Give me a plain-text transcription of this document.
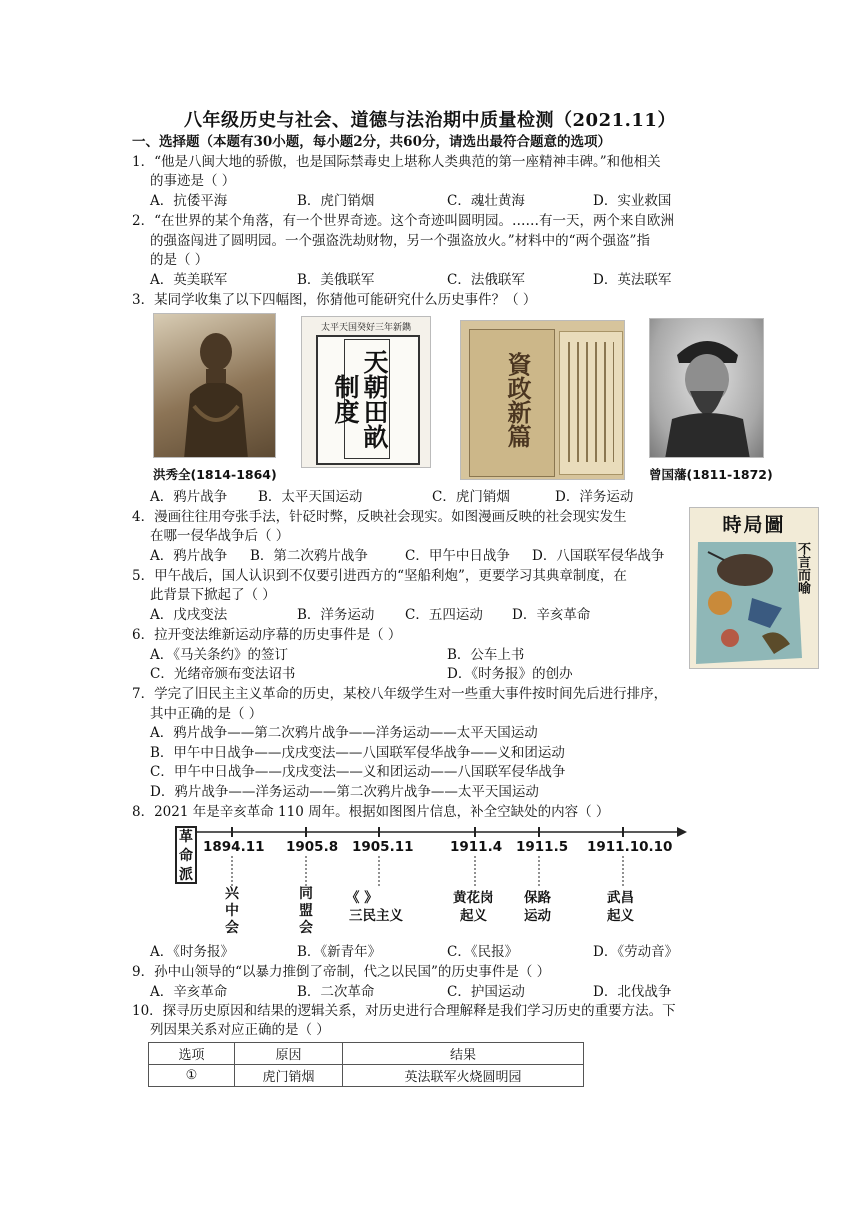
八年级历史与社会、道德与法治期中质量检测（2021.11）
一、选择题（本题有30小题，每小题2分，共60分，请选出最符合题意的选项）
1．“他是八闽大地的骄傲，也是国际禁毒史上堪称人类典范的第一座精神丰碑。”和他相关
的事迹是（ ）
A．抗倭平海	B．虎门销烟	C．魂壮黄海	D．实业救国
2．“在世界的某个角落，有一个世界奇迹。这个奇迹叫圆明园。……有一天，两个来自欧洲
的强盗闯进了圆明园。一个强盗洗劫财物，另一个强盗放火。”材料中的“两个强盗”指
的是（ ）
A．英美联军	B．美俄联军	C．法俄联军	D．英法联军
3．某同学收集了以下四幅图，你猜他可能研究什么历史事件？（ ）
洪秀全(1814-1864)
太平天国癸好三年新鐫
天朝田畝制度	資政新篇
曾国藩(1811-1872)
A．鸦片战争 B．太平天国运动	C．虎门销烟	D．洋务运动
4．漫画往往用夸张手法，针砭时弊，反映社会现实。如图漫画反映的社会现实发生
在哪一侵华战争后（ ）
A．鸦片战争 B．第二次鸦片战争	C．甲午中日战争 D．八国联军侵华战争
時局圖
不言而喻
5．甲午战后，国人认识到不仅要引进西方的“坚船利炮”，更要学习其典章制度，在
此背景下掀起了（ ）
A．戊戌变法	B．洋务运动 C．五四运动 D．辛亥革命
6．拉开变法维新运动序幕的历史事件是（ ）
A．《马关条约》的签订	B．公车上书
C．光绪帝颁布变法诏书	D．《时务报》的创办
7．学完了旧民主主义革命的历史，某校八年级学生对一些重大事件按时间先后进行排序，
其中正确的是（ ）
A．鸦片战争——第二次鸦片战争——洋务运动——太平天国运动
B．甲午中日战争——戊戌变法——八国联军侵华战争——义和团运动
C．甲午中日战争——戊戌变法——义和团运动——八国联军侵华战争
D．鸦片战争——洋务运动——第二次鸦片战争——太平天国运动
8．2021 年是辛亥革命 110 周年。根据如图图片信息，补全空缺处的内容（ ）
革命派
1894.11 1905.8 1905.11	1911.4 1911.5 1911.10.10
兴中会
同盟会
《 》
三民主义
黄花岗
起义
保路
运动
武昌
起义
A．《时务报》	B．《新青年》	C．《民报》	D．《劳动音》
9．孙中山领导的“以暴力推倒了帝制，代之以民国”的历史事件是（ ）
A．辛亥革命	B．二次革命	C．护国运动	D．北伐战争
10．探寻历史原因和结果的逻辑关系，对历史进行合理解释是我们学习历史的重要方法。下
列因果关系对应正确的是（ ）
选项	原因	结果
①	虎门销烟	英法联军火烧圆明园
